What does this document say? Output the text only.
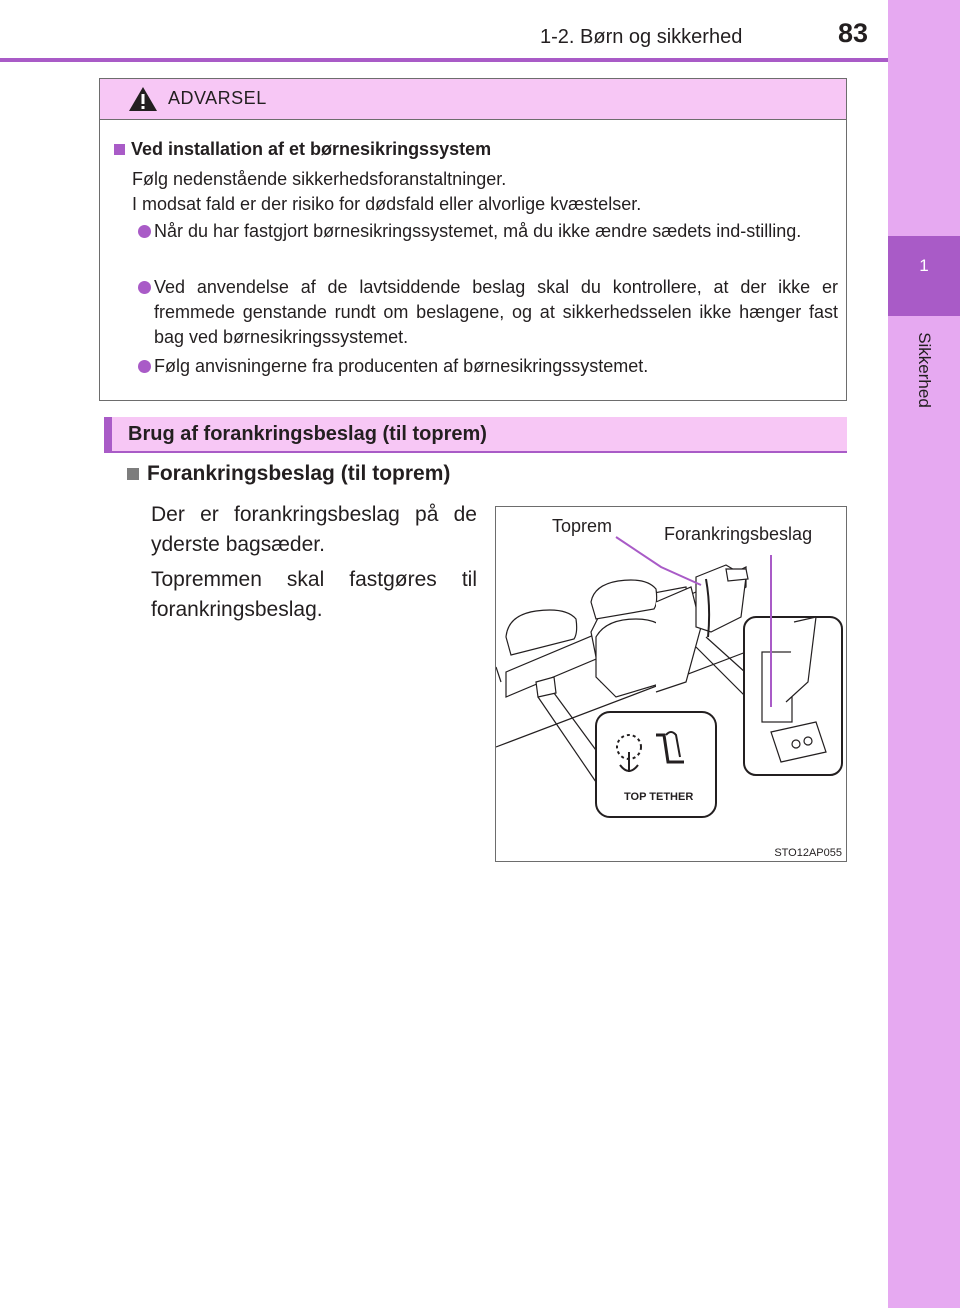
1
Sikkerhed
1-2. Børn og sikkerhed	83
ADVARSEL
Ved installation af et børnesikringssystem
Følg nedenstående sikkerhedsforanstaltninger.
I modsat fald er der risiko for dødsfald eller alvorlige kvæstelser.
Når du har fastgjort børnesikringssystemet, må du ikke ændre sædets ind-stilling.
Ved anvendelse af de lavtsiddende beslag skal du kontrollere, at der ikke er fremmede genstande rundt om beslagene, og at sikkerhedsselen ikke hænger fast bag ved børnesikringssystemet.
Følg anvisningerne fra producenten af børnesikringssystemet.
Brug af forankringsbeslag (til toprem)
Forankringsbeslag (til toprem)
Der er forankringsbeslag på de yderste bagsæder.
Topremmen skal fastgøres til forankringsbeslag.
TOP TETHER
Toprem	Forankringsbeslag
STO12AP055
